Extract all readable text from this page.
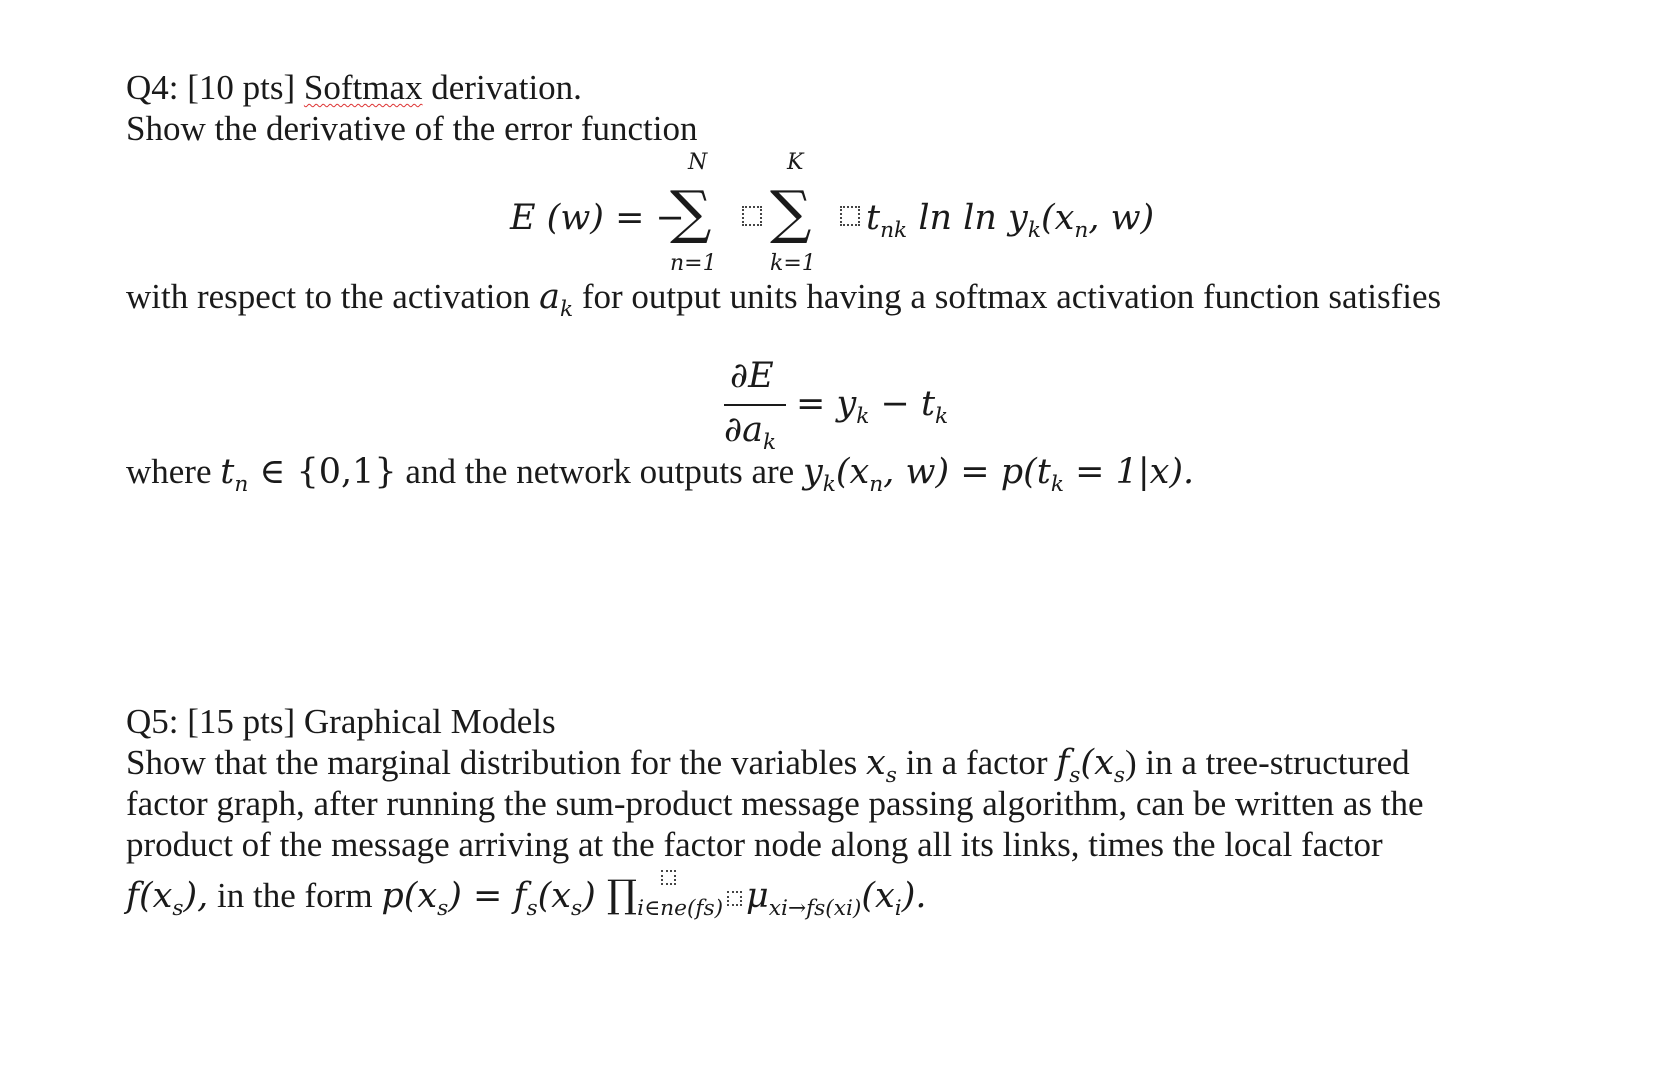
Q4: [10 pts] Softmax derivation.
Show the derivative of the error function
E (w) = −
N
∑
n=1
K
∑
k=1
$t_{nk}$ $\ln \ln y_k(x_n$, w)
with respect to the activation $a_k$ for output units having a softmax activation function satisfies
∂E
$\partial a_k$
= $y_k - t_k$
where $t_n$ ∈ {0,1} and the network outputs are $y_k(x_n$, $w) = p(t_k = 1|x)$.
Q5: [15 pts] Graphical Models
Show that the marginal distribution for the variables $x_s$ in a factor $f_s(x_s)$ in a tree-structured
factor graph, after running the sum-product message passing algorithm, can be written as the
product of the message arriving at the factor node along all its links, times the local factor
$f(x_s)$, in the form $p(x_s) = f_s(x_s)$ $\prod_{i\in ne(fs)}$ $\mu_{xi\to fs(xi)}(x_i)$.
